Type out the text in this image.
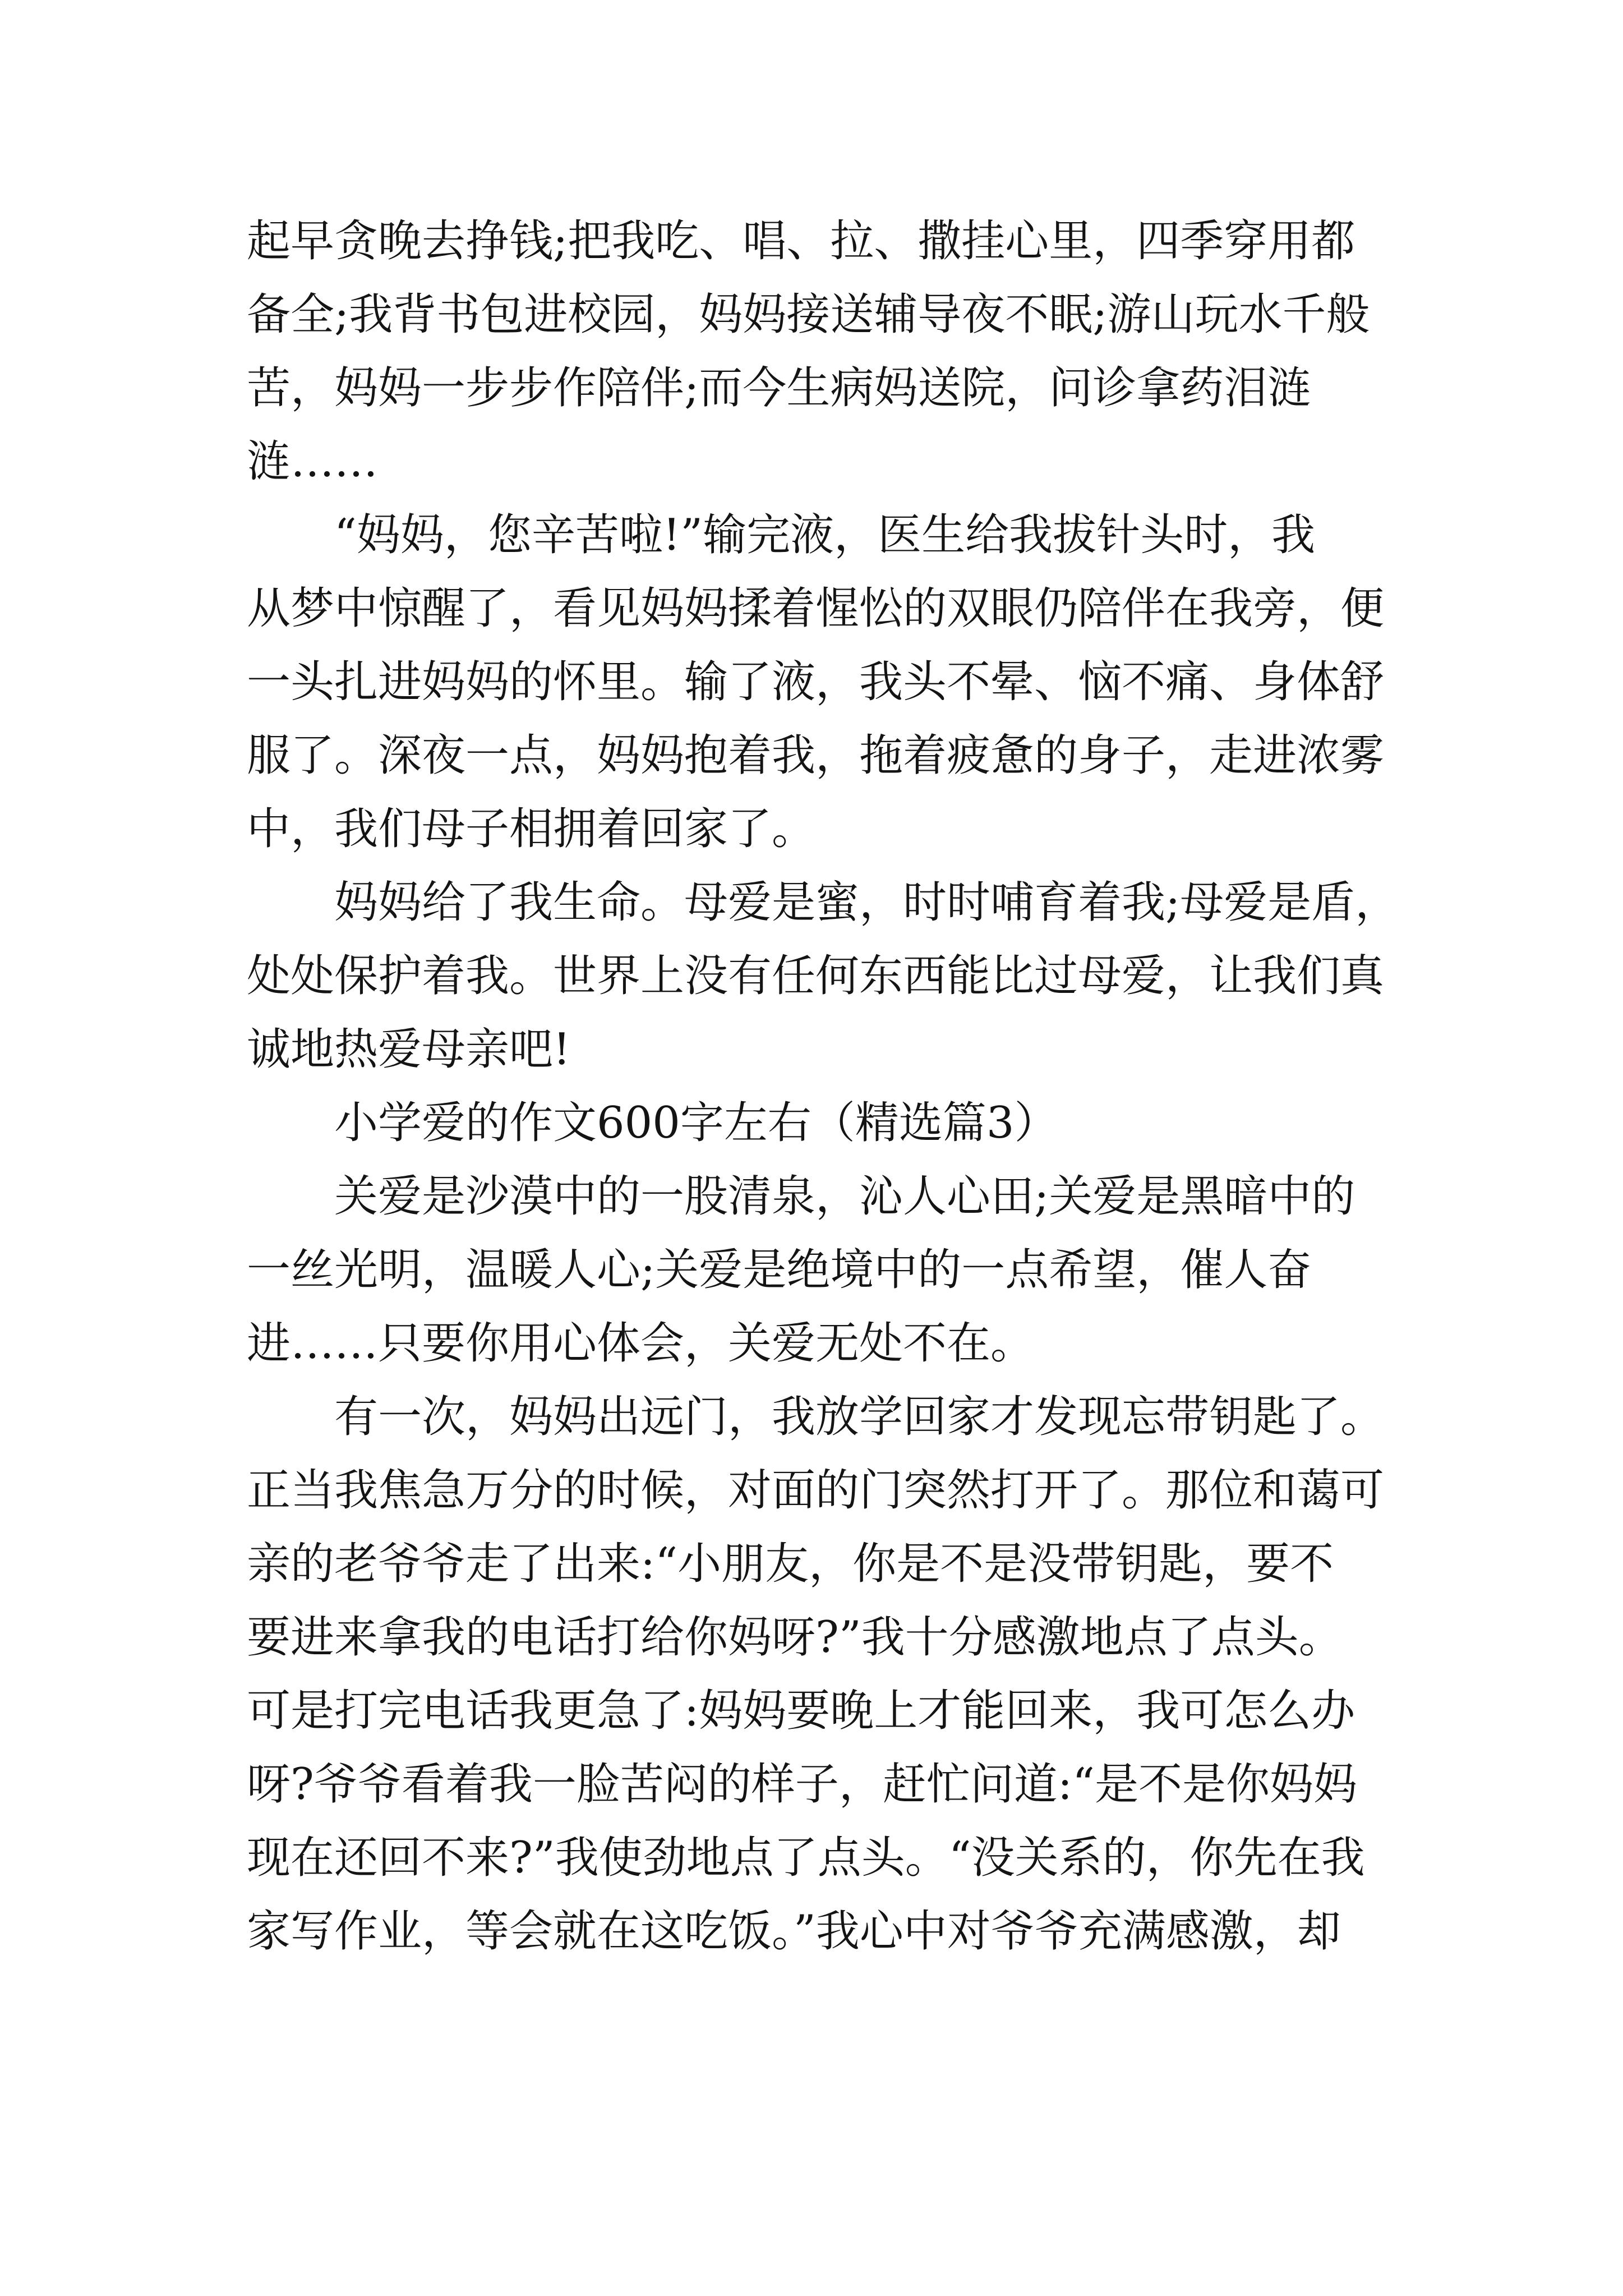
起早贪晚去挣钱;把我吃、唱、拉、撒挂心里，四季穿用都

备全;我背书包进校园，妈妈接送辅导夜不眠;游山玩水千般

苦，妈妈一步步作陪伴;而今生病妈送院，问诊拿药泪涟

涟……

“妈妈，您辛苦啦!”输完液，医生给我拔针头时，我

从梦中惊醒了，看见妈妈揉着惺忪的双眼仍陪伴在我旁，便

一头扎进妈妈的怀里。输了液，我头不晕、恼不痛、身体舒

服了。深夜一点，妈妈抱着我，拖着疲惫的身子，走进浓雾

中，我们母子相拥着回家了。

妈妈给了我生命。母爱是蜜，时时哺育着我;母爱是盾，

处处保护着我。世界上没有任何东西能比过母爱，让我们真

诚地热爱母亲吧!

小学爱的作文600字左右（精选篇3）

关爱是沙漠中的一股清泉，沁人心田;关爱是黑暗中的

一丝光明，温暖人心;关爱是绝境中的一点希望，催人奋

进……只要你用心体会，关爱无处不在。

有一次，妈妈出远门，我放学回家才发现忘带钥匙了。

正当我焦急万分的时候，对面的门突然打开了。那位和蔼可

亲的老爷爷走了出来:“小朋友，你是不是没带钥匙，要不

要进来拿我的电话打给你妈呀?”我十分感激地点了点头。

可是打完电话我更急了:妈妈要晚上才能回来，我可怎么办

呀?爷爷看着我一脸苦闷的样子，赶忙问道:“是不是你妈妈

现在还回不来?”我使劲地点了点头。“没关系的，你先在我

家写作业，等会就在这吃饭。”我心中对爷爷充满感激，却
